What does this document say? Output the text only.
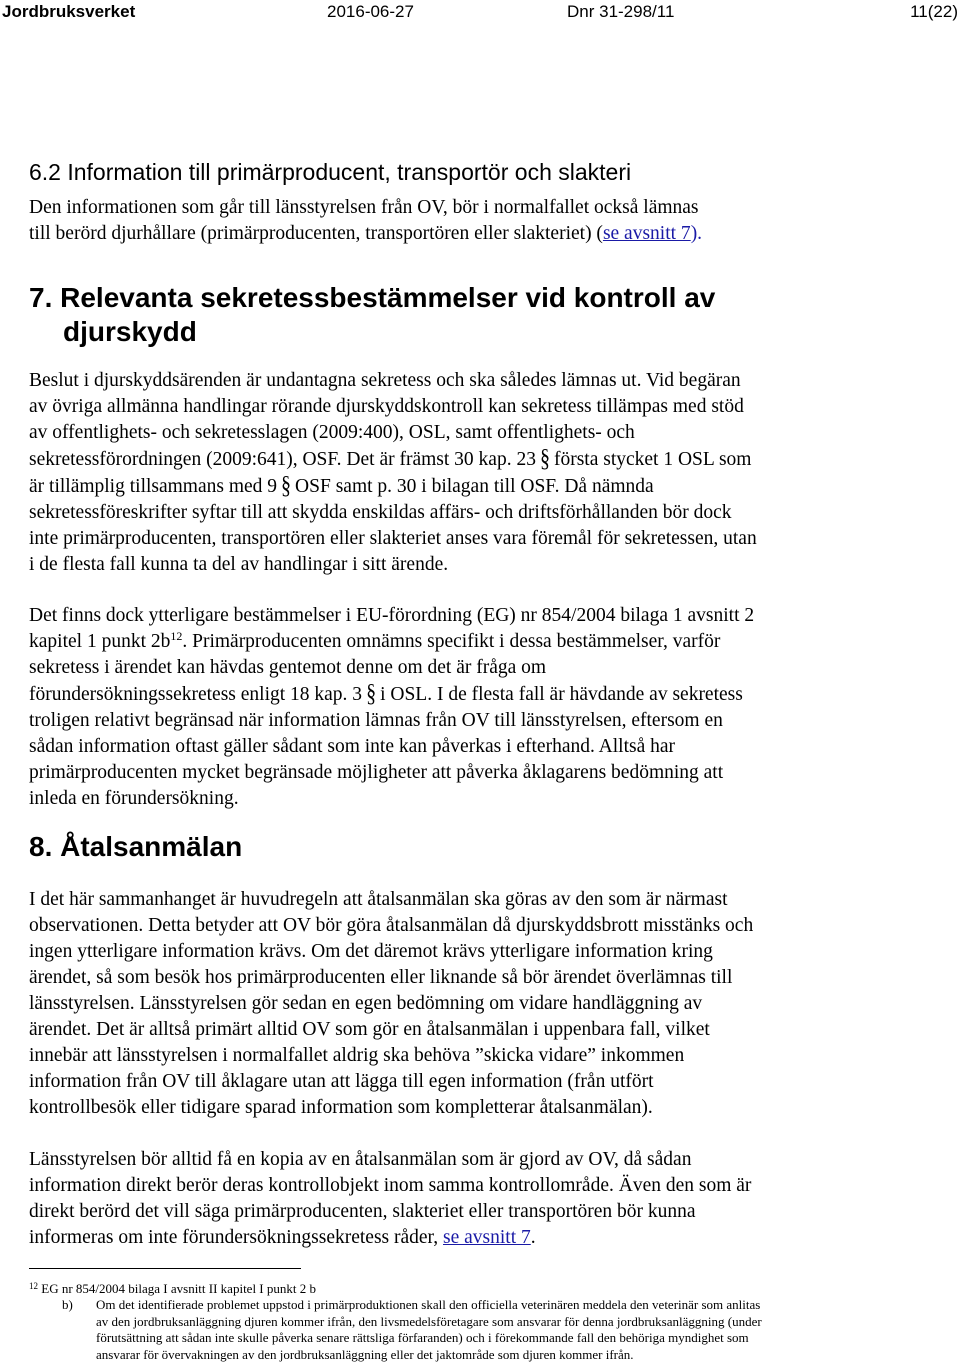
Jordbruksverket	2016-06-27	Dnr 31-298/11	11(22)
6.2 Information till primärproducent, transportör och slakteri
Den informationen som går till länsstyrelsen från OV, bör i normalfallet också lämnas
till berörd djurhållare (primärproducenten, transportören eller slakteriet) (se avsnitt 7).
7. Relevanta sekretessbestämmelser vid kontroll av
djurskydd
Beslut i djurskyddsärenden är undantagna sekretess och ska således lämnas ut. Vid begäran
av övriga allmänna handlingar rörande djurskyddskontroll kan sekretess tillämpas med stöd
av offentlighets- och sekretesslagen (2009:400), OSL, samt offentlighets- och
sekretessförordningen (2009:641), OSF. Det är främst 30 kap. 23 § första stycket 1 OSL som
är tillämplig tillsammans med 9 § OSF samt p. 30 i bilagan till OSF. Då nämnda
sekretessföreskrifter syftar till att skydda enskildas affärs- och driftsförhållanden bör dock
inte primärproducenten, transportören eller slakteriet anses vara föremål för sekretessen, utan
i de flesta fall kunna ta del av handlingar i sitt ärende.
Det finns dock ytterligare bestämmelser i EU-förordning (EG) nr 854/2004 bilaga 1 avsnitt 2
kapitel 1 punkt $2b^{12}$. Primärproducenten omnämns specifikt i dessa bestämmelser, varför
sekretess i ärendet kan hävdas gentemot denne om det är fråga om
förundersökningssekretess enligt 18 kap. 3 § i OSL. I de flesta fall är hävdande av sekretess
troligen relativt begränsad när information lämnas från OV till länsstyrelsen, eftersom en
sådan information oftast gäller sådant som inte kan påverkas i efterhand. Alltså har
primärproducenten mycket begränsade möjligheter att påverka åklagarens bedömning att
inleda en förundersökning.
8. Åtalsanmälan
I det här sammanhanget är huvudregeln att åtalsanmälan ska göras av den som är närmast
observationen. Detta betyder att OV bör göra åtalsanmälan då djurskyddsbrott misstänks och
ingen ytterligare information krävs. Om det däremot krävs ytterligare information kring
ärendet, så som besök hos primärproducenten eller liknande så bör ärendet överlämnas till
länsstyrelsen. Länsstyrelsen gör sedan en egen bedömning om vidare handläggning av
ärendet. Det är alltså primärt alltid OV som gör en åtalsanmälan i uppenbara fall, vilket
innebär att länsstyrelsen i normalfallet aldrig ska behöva ”skicka vidare” inkommen
information från OV till åklagare utan att lägga till egen information (från utfört
kontrollbesök eller tidigare sparad information som kompletterar åtalsanmälan).
Länsstyrelsen bör alltid få en kopia av en åtalsanmälan som är gjord av OV, då sådan
information direkt berör deras kontrollobjekt inom samma kontrollområde. Även den som är
direkt berörd det vill säga primärproducenten, slakteriet eller transportören bör kunna
informeras om inte förundersökningssekretess råder, se avsnitt 7.
$^{12}$ EG nr 854/2004 bilaga I avsnitt II kapitel I punkt 2 b
b) Om det identifierade problemet uppstod i primärproduktionen skall den officiella veterinären meddela den veterinär som anlitas
av den jordbruksanläggning djuren kommer ifrån, den livsmedelsföretagare som ansvarar för denna jordbruksanläggning (under
förutsättning att sådan inte skulle påverka senare rättsliga förfaranden) och i förekommande fall den behöriga myndighet som
ansvarar för övervakningen av den jordbruksanläggning eller det jaktområde som djuren kommer ifrån.
